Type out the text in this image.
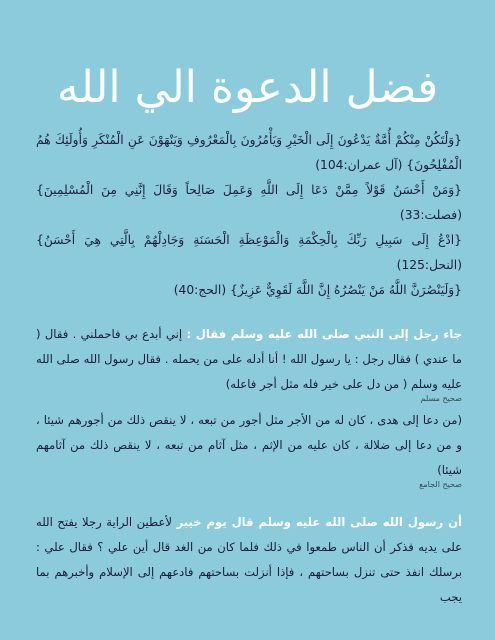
فضل الدعوة الي الله

{وَلْتَكُنْ مِنْكُمْ أُمَّةٌ يَدْعُونَ إِلَى الْخَيْرِ وَيَأْمُرُونَ بِالْمَعْرُوفِ وَيَنْهَوْنَ عَنِ الْمُنْكَرِ وَأُولَئِكَ هُمُ الْمُفْلِحُونَ} (آل عمران:104)

{وَمَنْ أَحْسَنُ قَوْلاً مِمَّنْ دَعَا إِلَى اللَّهِ وَعَمِلَ صَالِحاً وَقَالَ إِنَّنِي مِنَ الْمُسْلِمِينَ} (فصلت:33)

{ادْعُ إِلَى سَبِيلِ رَبِّكَ بِالْحِكْمَةِ وَالْمَوْعِظَةِ الْحَسَنَةِ وَجَادِلْهُمْ بِالَّتِي هِيَ أَحْسَنُ} (النحل:125)

{وَلَيَنْصُرَنَّ اللَّهُ مَنْ يَنْصُرُهُ إِنَّ اللَّهَ لَقَوِيٌّ عَزِيزٌ} (الحج:40)

جاء رجل إلى النبي صلى الله عليه وسلم فقال : إني أبدع بي فاحملني . فقال ( ما عندي ) فقال رجل : يا رسول الله ! أنا أدله على من يحمله . فقال رسول الله صلى الله عليه وسلم ( من دل على خير فله مثل أجر فاعله)
صحيح مسلم
(من دعا إلى هدى ، كان له من الأجر مثل أجور من تبعه ، لا ينقص ذلك من أجورهم شيئا ، و من دعا إلى ضلالة ، كان عليه من الإثم ، مثل آثام من تبعه ، لا ينقص ذلك من آثامهم شيئا)
صحيح الجامع
أن رسول الله صلى الله عليه وسلم قال يوم خيبر لأعطين الراية رجلا يفتح الله على يديه فذكر أن الناس طمعوا في ذلك فلما كان من الغد قال أين علي ؟ فقال علي : برسلك انفذ حتى تنزل بساحتهم ، فإذا أنزلت بساحتهم فادعهم إلى الإسلام وأخبرهم بما يجب
